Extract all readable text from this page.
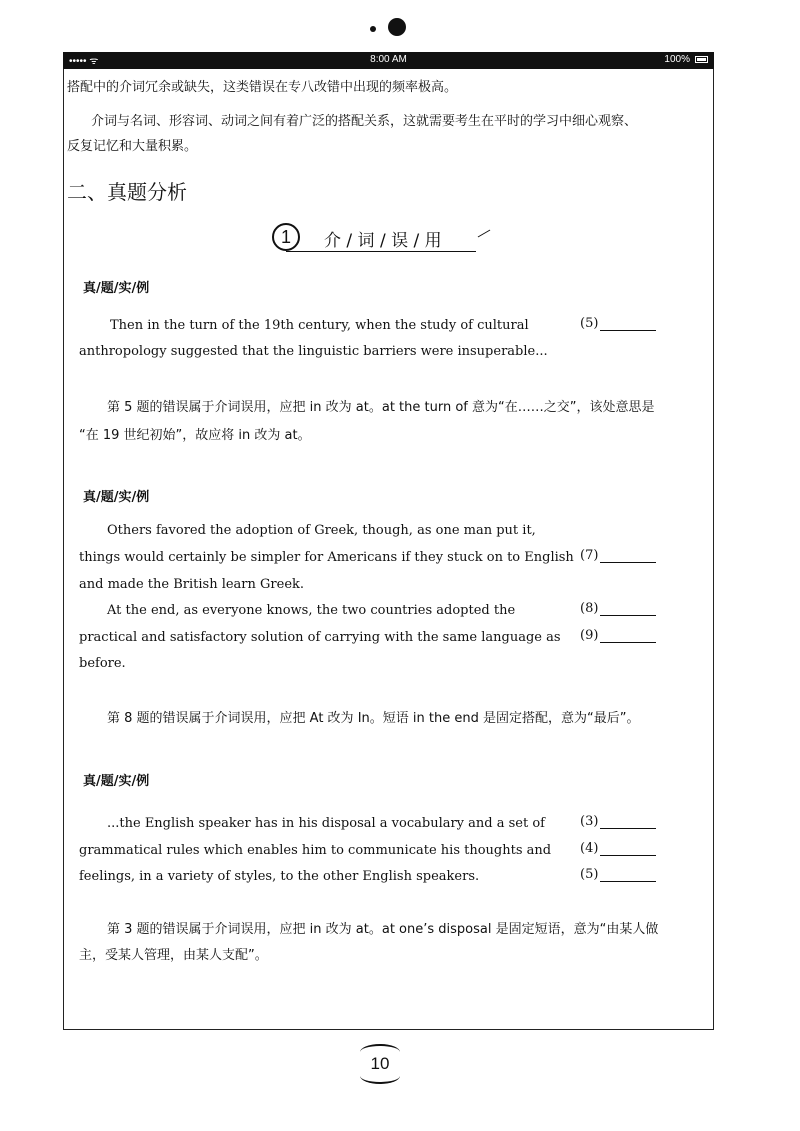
••••• ᯤ	8:00 AM	100%
搭配中的介词冗余或缺失，这类错误在专八改错中出现的频率极高。
介词与名词、形容词、动词之间有着广泛的搭配关系，这就需要考生在平时的学习中细心观察、
反复记忆和大量积累。
二、真题分析
1	介 / 词 / 误 / 用
真/题/实/例
Then in the turn of the 19th century, when the study of cultural
anthropology suggested that the linguistic barriers were insuperable...
(5)
第 5 题的错误属于介词误用，应把 in 改为 at。at the turn of 意为“在……之交”，该处意思是
“在 19 世纪初始”，故应将 in 改为 at。
真/题/实/例
Others favored the adoption of Greek, though, as one man put it,
things would certainly be simpler for Americans if they stuck on to English
and made the British learn Greek.
At the end, as everyone knows, the two countries adopted the
practical and satisfactory solution of carrying with the same language as
before.
(7)
(8)
(9)
第 8 题的错误属于介词误用，应把 At 改为 In。短语 in the end 是固定搭配，意为“最后”。
真/题/实/例
...the English speaker has in his disposal a vocabulary and a set of
grammatical rules which enables him to communicate his thoughts and
feelings, in a variety of styles, to the other English speakers.
(3)
(4)
(5)
第 3 题的错误属于介词误用，应把 in 改为 at。at one’s disposal 是固定短语，意为“由某人做
主，受某人管理，由某人支配”。
10
